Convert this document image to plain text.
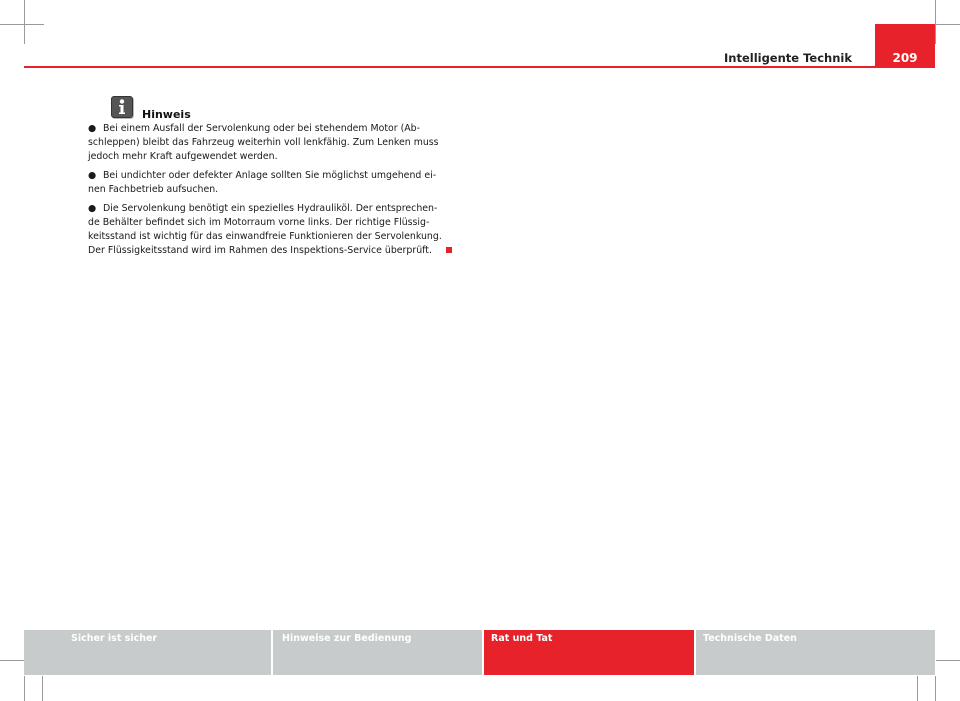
Intelligente Technik	209
Hinweis

● Bei einem Ausfall der Servolenkung oder bei stehendem Motor (Ab-
schleppen) bleibt das Fahrzeug weiterhin voll lenkfähig. Zum Lenken muss
jedoch mehr Kraft aufgewendet werden.

● Bei undichter oder defekter Anlage sollten Sie möglichst umgehend ei-
nen Fachbetrieb aufsuchen.

● Die Servolenkung benötigt ein spezielles Hydrauliköl. Der entsprechen-
de Behälter befindet sich im Motorraum vorne links. Der richtige Flüssig-
keitsstand ist wichtig für das einwandfreie Funktionieren der Servolenkung.
Der Flüssigkeitsstand wird im Rahmen des Inspektions-Service überprüft.

Sicher ist sicher	Hinweise zur Bedienung	Rat und Tat	Technische Daten
